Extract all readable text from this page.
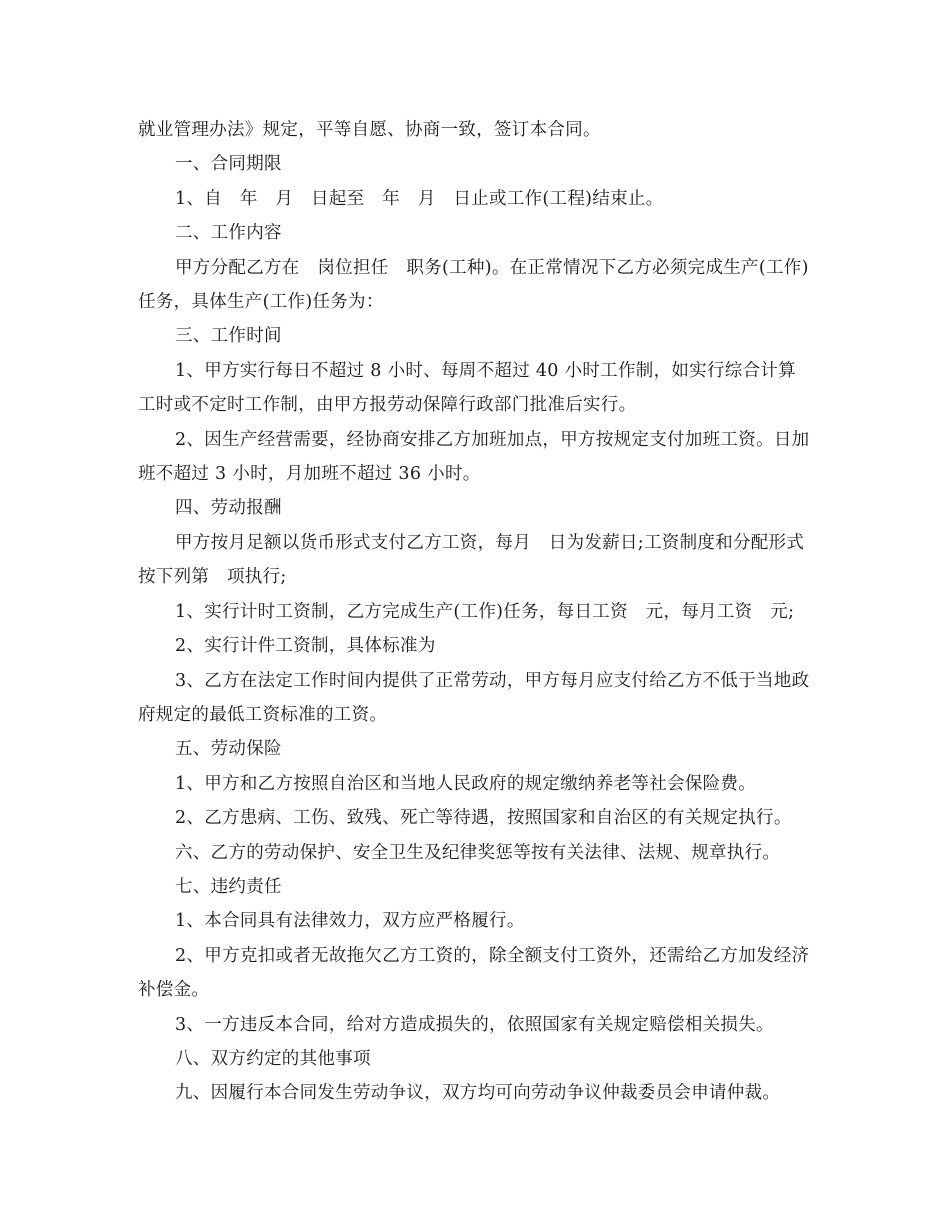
就业管理办法》规定，平等自愿、协商一致，签订本合同。

一、合同期限

1、自　年　月　日起至　年　月　日止或工作(工程)结束止。

二、工作内容

甲方分配乙方在　岗位担任　职务(工种)。在正常情况下乙方必须完成生产(工作)任务，具体生产(工作)任务为：

三、工作时间

1、甲方实行每日不超过 8 小时、每周不超过 40 小时工作制，如实行综合计算工时或不定时工作制，由甲方报劳动保障行政部门批准后实行。

2、因生产经营需要，经协商安排乙方加班加点，甲方按规定支付加班工资。日加班不超过 3 小时，月加班不超过 36 小时。

四、劳动报酬

甲方按月足额以货币形式支付乙方工资，每月　日为发薪日;工资制度和分配形式按下列第　项执行;

1、实行计时工资制，乙方完成生产(工作)任务，每日工资　元，每月工资　元;

2、实行计件工资制，具体标准为

3、乙方在法定工作时间内提供了正常劳动，甲方每月应支付给乙方不低于当地政府规定的最低工资标准的工资。

五、劳动保险

1、甲方和乙方按照自治区和当地人民政府的规定缴纳养老等社会保险费。

2、乙方患病、工伤、致残、死亡等待遇，按照国家和自治区的有关规定执行。

六、乙方的劳动保护、安全卫生及纪律奖惩等按有关法律、法规、规章执行。

七、违约责任

1、本合同具有法律效力，双方应严格履行。

2、甲方克扣或者无故拖欠乙方工资的，除全额支付工资外，还需给乙方加发经济补偿金。

3、一方违反本合同，给对方造成损失的，依照国家有关规定赔偿相关损失。

八、双方约定的其他事项

九、因履行本合同发生劳动争议，双方均可向劳动争议仲裁委员会申请仲裁。
